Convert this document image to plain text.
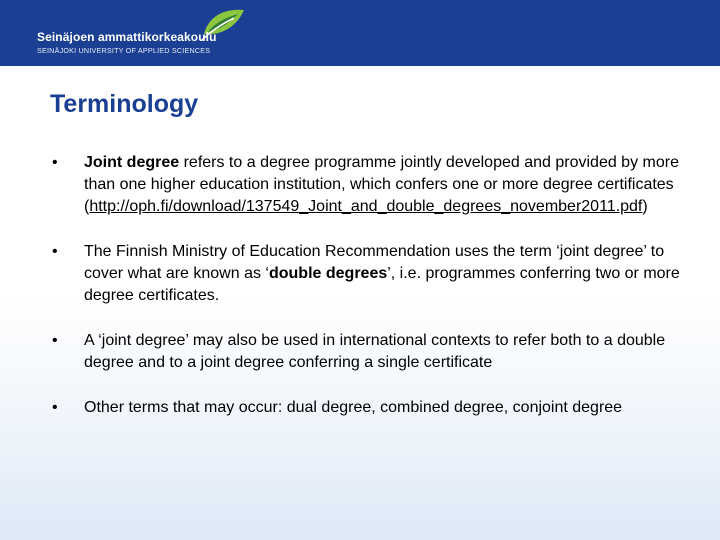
Seinäjoen ammattikorkeakoulu
SEINÄJOKI UNIVERSITY OF APPLIED SCIENCES
Terminology
• Joint degree refers to a degree programme jointly developed and provided by more than one higher education institution, which confers one or more degree certificates (http://oph.fi/download/137549_Joint_and_double_degrees_november2011.pdf)
• The Finnish Ministry of Education Recommendation uses the term ‘joint degree’ to cover what are known as ‘double degrees’, i.e. programmes conferring two or more degree certificates.
• A ‘joint degree’ may also be used in international contexts to refer both to a double degree and to a joint degree conferring a single certificate
• Other terms that may occur: dual degree, combined degree, conjoint degree
